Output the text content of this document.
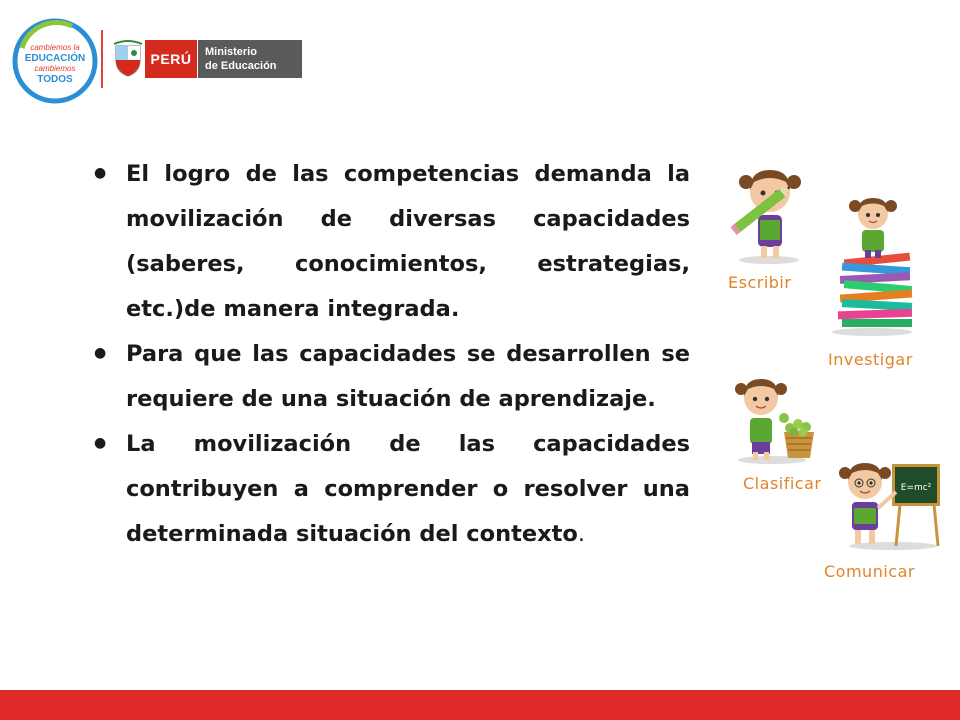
cambiemos la
EDUCACIÓN
cambiemos
TODOS
PERÚ	Ministerio
de Educación
●

El logro de las competencias demanda la movilización de diversas capacidades (saberes, conocimientos, estrategias, etc.)de manera integrada.

●

Para que las capacidades se desarrollen se requiere de una situación de aprendizaje.

●

La movilización de las capacidades contribuyen a comprender o resolver una determinada situación del contexto.

Escribir
Investigar
Clasificar	E=mc²
Comunicar
